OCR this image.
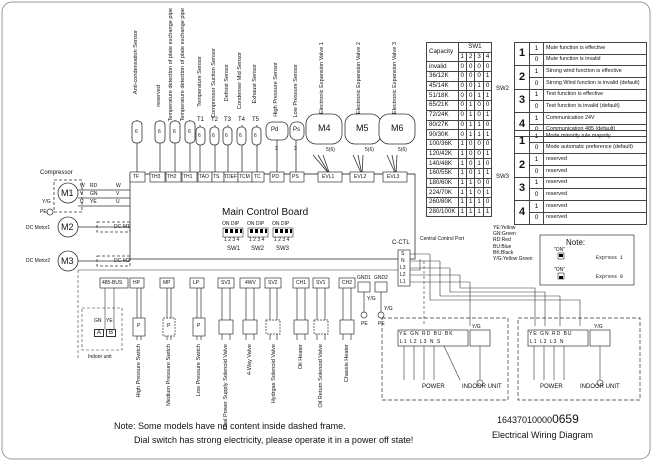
Anti-condensation Sensor
reserved Temperature detection of plate exchange pipe Temperature detection of plate exchange pipe Temperature Sensor Compressor Suction Sensor Defrost Sensor Condenser Mid Sensor Exhaust Sensor	High Pressure Sensor	Low Pressure Sensor	Electronic Expansion Valve 1	Electronic Expansion Valve 2	Electronic Expansion Valve 3
6	6 6 6
6 6 6 6 6
T1 T2 T3 T4 T5
Pd Ps
3	3
M4	M5 M6
5(6)	5(6)	5(6)
TF TH3 TH2 TH1 TAO TS TDEF TCM TC PD	PS	EVL1	EVL2	EVL3
Main Control Board
ON DIP ON DIP ON DIP
1 2 3 4 1 2 3 4 1 2 3 4
SW1 SW2 SW3
C-CTL
S
N
L3
L2
L1
Central Control Port
GND1 GND2
Y/G
Y/G
PE PE
Compressor
M1
M2
M3
W
V
U
RD
GN
YE
W
V
U
Y/G
PE
DC Motor1
DC Motor2
DC-M1
DC-M2
485-BUS HP	MP	LP	SV3	4WV SV2	CH1 SV1	CH2
P	P	P
High Pressure Switch	Medium Pressure Switch	Low Pressure Switch	Dual Power Supply Solenoid Valve	4-Way Valve	Hydrgas Solenoid Valve	Oil Heater	Oil Return Solenoid Valve	Chassis Heater
GN YE
A	B
Indoor unit
Capacity	SW1			
	1	2	3	4
invalid	0	0	0	0
36/12K	0	0	0	1
45/14K	0	0	1	0
51/18K	0	0	1	1
65/21K	0	1	0	0
72/24K	0	1	0	1
80/27K	0	1	1	0
90/30K	0	1	1	1
100/36K	1	0	0	0
120/42K	1	0	0	1
140/48K	1	0	1	0
160/55K	1	0	1	1
180/60K	1	1	0	0
224/70K	1	1	0	1
260/80K	1	1	1	0
280/100K	1	1	1	1
SW2
1	1	Mute function is effective
	0	Mute function is invalid
2	1	Strong wind function is effective
	0	Strong Wind function is invalid (default)
3	1	Test function is effective
	0	Test function is invalid (default)
4	1	Communication 24V
	0	Communication 485 (default)
SW3
1	1	Mode minority rule majority
	0	Mode automatic preference (default)
2	1	reserved
	0	reserved
3	1	reserved
	0	reserved
4	1	reserved
	0	reserved
YE:Yellow
GN:Green
RD:Red
BU:Blue
BK:Black
Y/G:Yellow Green
Note:
"ON"
Express 1
"ON"
Express 0
YE GN RD BU BK
L1 L2 L3 N S
Y/G
YE GN RD BU
L1 L2 L3 N
Y/G
POWER	INDOOR UNIT	POWER	INDOOR UNIT
Note: Some models have no content inside dashed frame.
Dial switch has strong electricity, please operate it in a power off state!
164370100000659
Electrical Wiring Diagram
